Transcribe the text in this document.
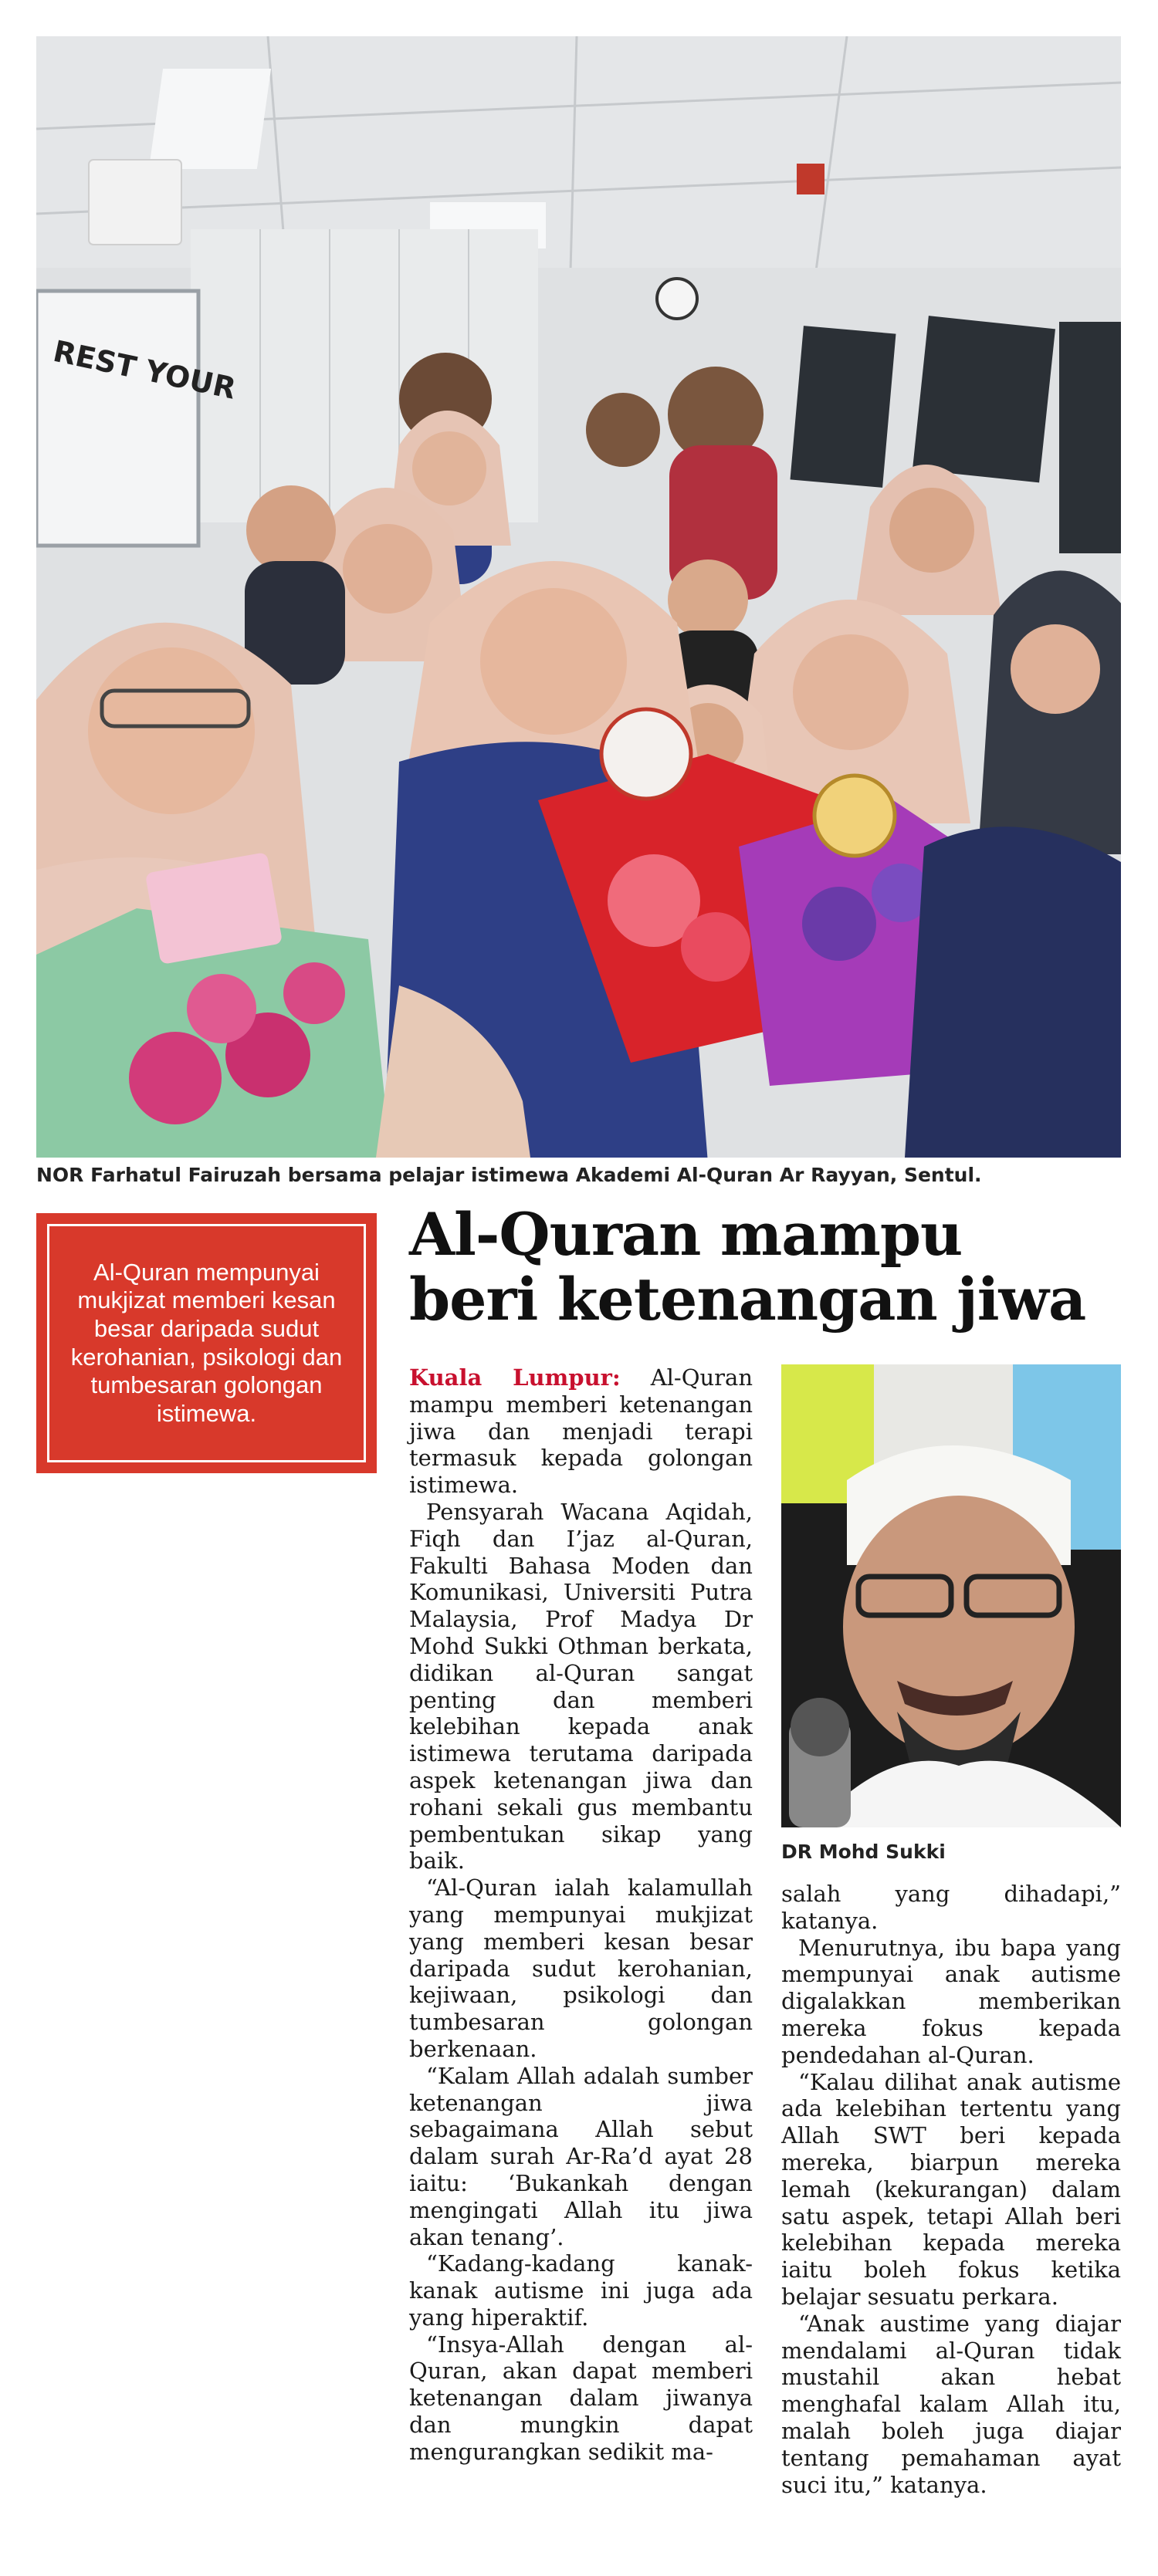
REST YOUR
NOR Farhatul Fairuzah bersama pelajar istimewa Akademi Al-Quran Ar Rayyan, Sentul.
Al-Quran mempunyai mukjizat memberi kesan besar daripada sudut kerohanian, psikologi dan tumbesaran golongan istimewa.
Al-Quran mampu
beri ketenangan jiwa

Kuala Lumpur: Al-Quran mampu memberi ketenangan jiwa dan menjadi terapi termasuk kepada golongan istimewa.

Pensyarah Wacana Aqidah, Fiqh dan I’jaz al-Quran, Fakulti Bahasa Moden dan Komunikasi, Universiti Putra Malaysia, Prof Madya Dr Mohd Sukki Othman berkata, didikan al-Quran sangat penting dan memberi kelebihan kepada anak istimewa terutama daripada aspek ketenangan jiwa dan rohani sekali gus membantu pembentukan sikap yang baik.

“Al-Quran ialah kalamullah yang mempunyai mukjizat yang memberi kesan besar daripada sudut kerohanian, kejiwaan, psikologi dan tumbesaran golongan berkenaan.

“Kalam Allah adalah sumber ketenangan jiwa sebagaimana Allah sebut dalam surah Ar-Ra’d ayat 28 iaitu: ‘Bukankah dengan mengingati Allah itu jiwa akan tenang’.

“Kadang-kadang kanak-kanak autisme ini juga ada yang hiperaktif.

“Insya-Allah dengan al-Quran, akan dapat memberi ketenangan dalam jiwanya dan mungkin dapat mengurangkan sedikit ma-

DR Mohd Sukki

salah yang dihadapi,” katanya.

Menurutnya, ibu bapa yang mempunyai anak autisme digalakkan memberikan mereka fokus kepada pendedahan al-Quran.

“Kalau dilihat anak autisme ada kelebihan tertentu yang Allah SWT beri kepada mereka, biarpun mereka lemah (kekurangan) dalam satu aspek, tetapi Allah beri kelebihan kepada mereka iaitu boleh fokus ketika belajar sesuatu perkara.

“Anak austime yang diajar mendalami al-Quran tidak mustahil akan hebat menghafal kalam Allah itu, malah boleh juga diajar tentang pemahaman ayat suci itu,” katanya.
